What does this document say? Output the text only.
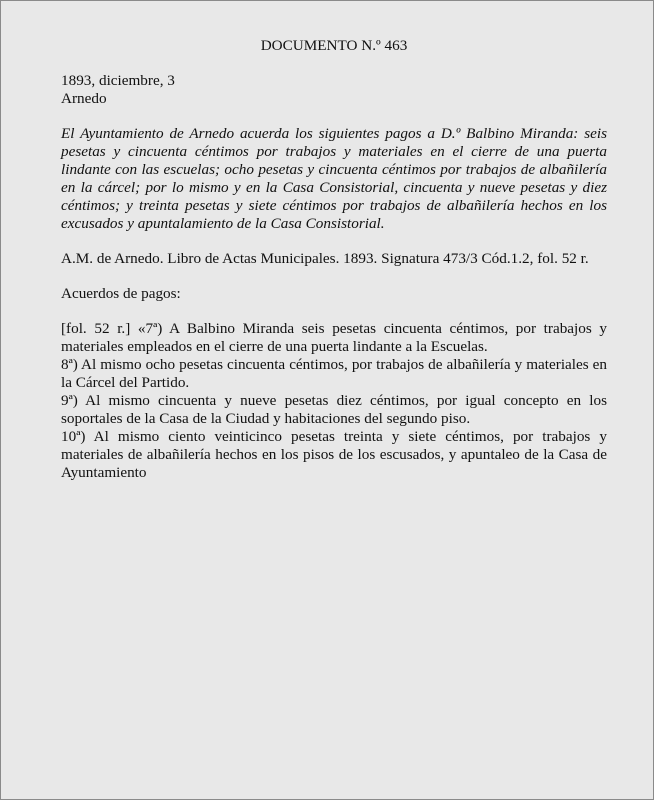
DOCUMENTO N.º 463
1893, diciembre, 3
Arnedo
El Ayuntamiento de Arnedo acuerda los siguientes pagos a D.º Balbino Miranda: seis pesetas y cincuenta céntimos por trabajos y materiales en el cierre de una puerta lindante con las escuelas; ocho pesetas y cincuenta céntimos por trabajos de albañilería en la cárcel; por lo mismo y en la Casa Consistorial, cincuenta y nueve pesetas y diez céntimos; y treinta pesetas y siete céntimos por trabajos de albañilería hechos en los excusados y apuntalamiento de la Casa Consistorial.
A.M. de Arnedo. Libro de Actas Municipales. 1893. Signatura 473/3 Cód.1.2, fol. 52 r.
Acuerdos de pagos:
[fol. 52 r.] «7ª) A Balbino Miranda seis pesetas cincuenta céntimos, por trabajos y materiales empleados en el cierre de una puerta lindante a la Escuelas.
8ª) Al mismo ocho pesetas cincuenta céntimos, por trabajos de albañilería y materiales en la Cárcel del Partido.
9ª) Al mismo cincuenta y nueve pesetas diez céntimos, por igual concepto en los soportales de la Casa de la Ciudad y habitaciones del segundo piso.
10ª) Al mismo ciento veinticinco pesetas treinta y siete céntimos, por trabajos y materiales de albañilería hechos en los pisos de los escusados, y apuntaleo de la Casa de Ayuntamiento
